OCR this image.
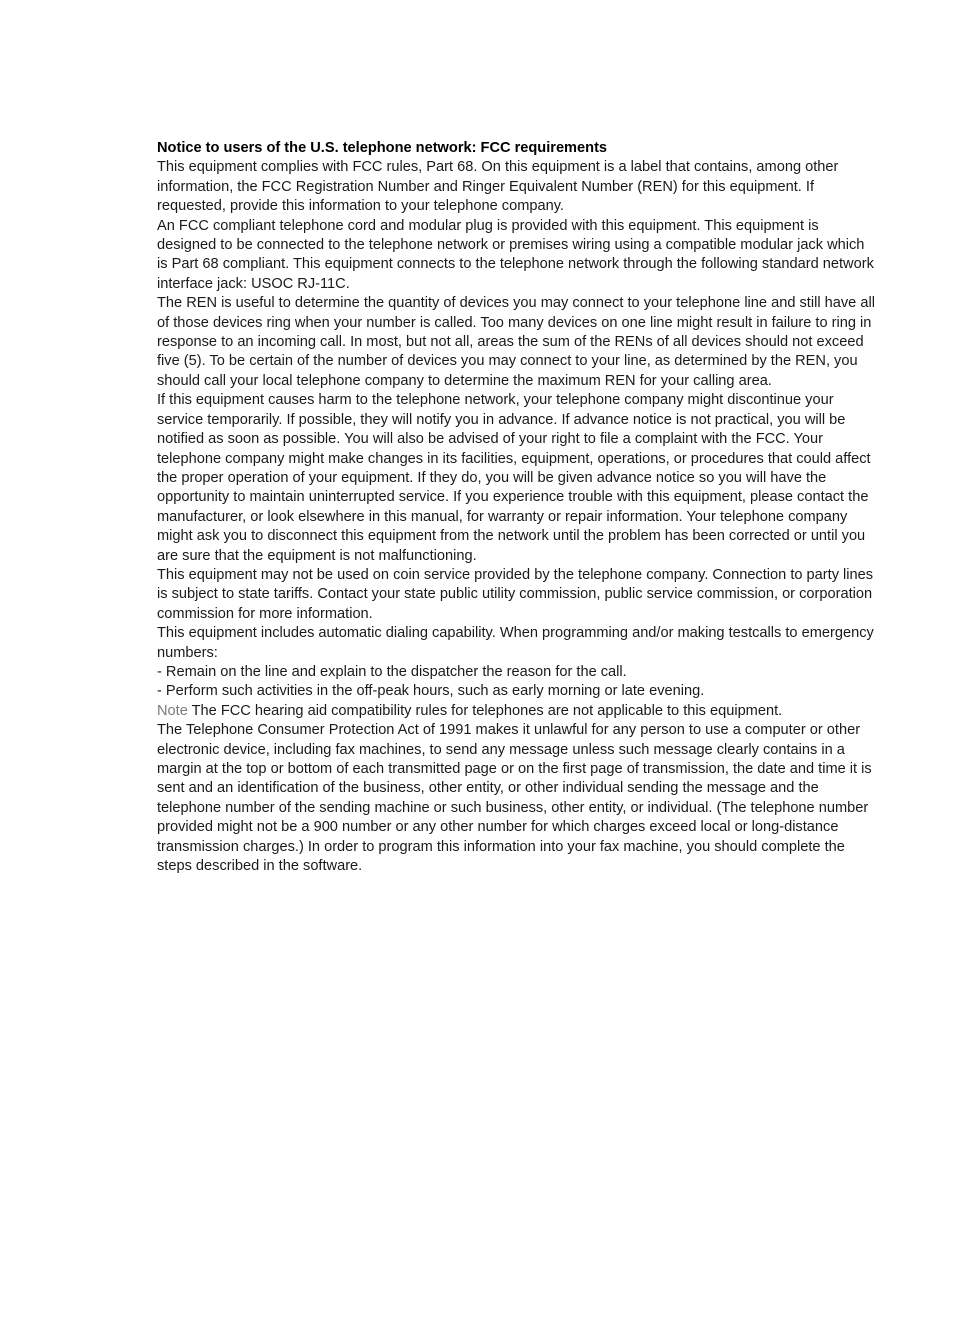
Notice to users of the U.S. telephone network: FCC requirements

This equipment complies with FCC rules, Part 68. On this equipment is a label that contains, among other information, the FCC Registration Number and Ringer Equivalent Number (REN) for this equipment. If requested, provide this information to your telephone company.

An FCC compliant telephone cord and modular plug is provided with this equipment. This equipment is designed to be connected to the telephone network or premises wiring using a compatible modular jack which is Part 68 compliant. This equipment connects to the telephone network through the following standard network interface jack: USOC RJ-11C.

The REN is useful to determine the quantity of devices you may connect to your telephone line and still have all of those devices ring when your number is called. Too many devices on one line might result in failure to ring in response to an incoming call. In most, but not all, areas the sum of the RENs of all devices should not exceed five (5). To be certain of the number of devices you may connect to your line, as determined by the REN, you should call your local telephone company to determine the maximum REN for your calling area.

If this equipment causes harm to the telephone network, your telephone company might discontinue your service temporarily. If possible, they will notify you in advance. If advance notice is not practical, you will be notified as soon as possible. You will also be advised of your right to file a complaint with the FCC. Your telephone company might make changes in its facilities, equipment, operations, or procedures that could affect the proper operation of your equipment. If they do, you will be given advance notice so you will have the opportunity to maintain uninterrupted service. If you experience trouble with this equipment, please contact the manufacturer, or look elsewhere in this manual, for warranty or repair information. Your telephone company might ask you to disconnect this equipment from the network until the problem has been corrected or until you are sure that the equipment is not malfunctioning.

This equipment may not be used on coin service provided by the telephone company. Connection to party lines is subject to state tariffs. Contact your state public utility commission, public service commission, or corporation commission for more information.

This equipment includes automatic dialing capability. When programming and/or making testcalls to emergency numbers:

- Remain on the line and explain to the dispatcher the reason for the call.

- Perform such activities in the off-peak hours, such as early morning or late evening.

Note The FCC hearing aid compatibility rules for telephones are not applicable to this equipment.

The Telephone Consumer Protection Act of 1991 makes it unlawful for any person to use a computer or other electronic device, including fax machines, to send any message unless such message clearly contains in a margin at the top or bottom of each transmitted page or on the first page of transmission, the date and time it is sent and an identification of the business, other entity, or other individual sending the message and the telephone number of the sending machine or such business, other entity, or individual. (The telephone number provided might not be a 900 number or any other number for which charges exceed local or long-distance transmission charges.) In order to program this information into your fax machine, you should complete the steps described in the software.
